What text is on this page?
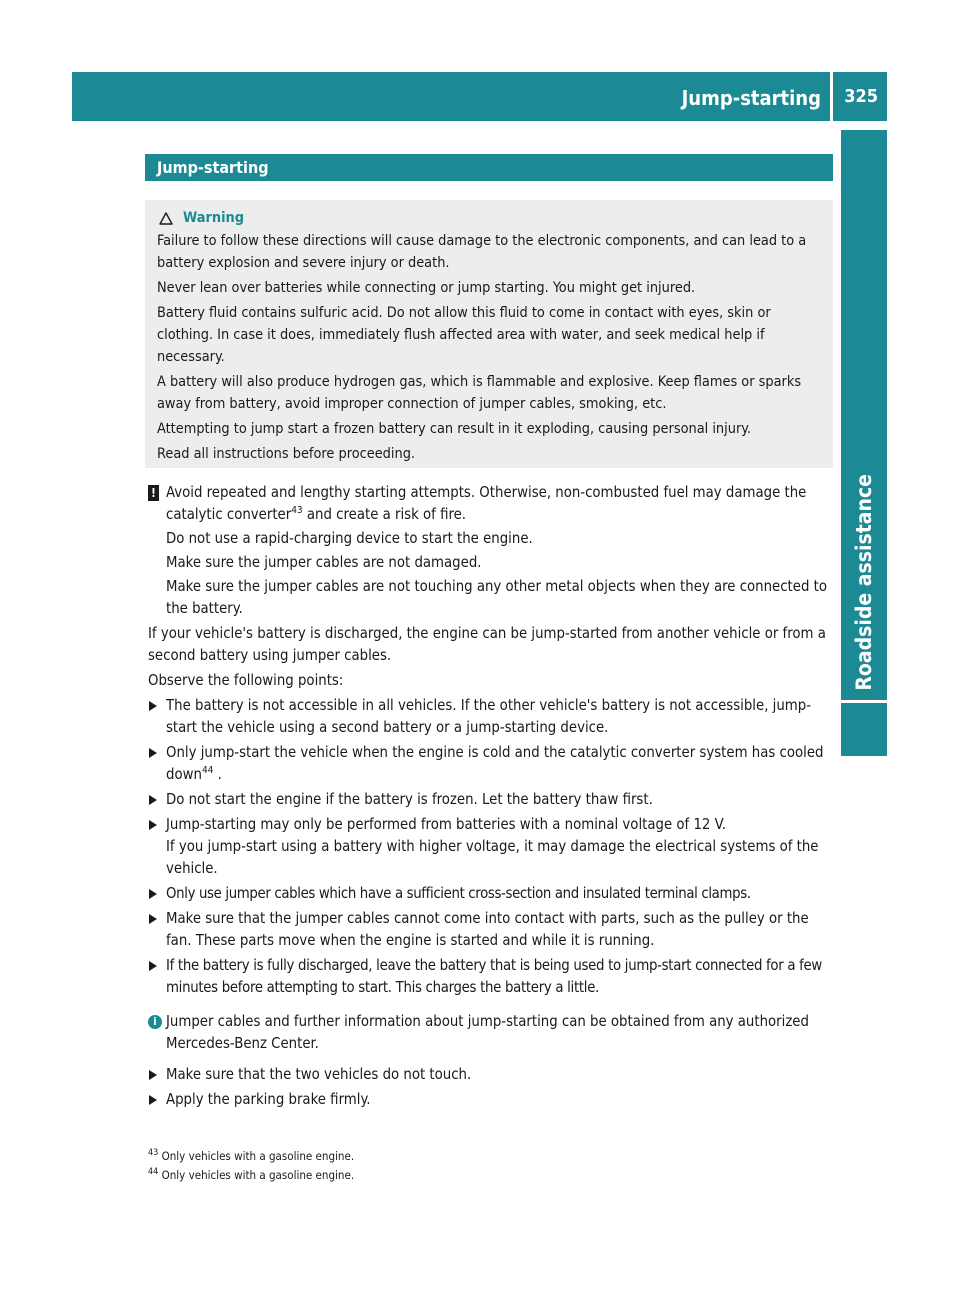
Jump-starting 325
Roadside assistance
Jump-starting
Warning

Failure to follow these directions will cause damage to the electronic components, and can lead to a battery explosion and severe injury or death.

Never lean over batteries while connecting or jump starting. You might get injured.

Battery fluid contains sulfuric acid. Do not allow this fluid to come in contact with eyes, skin or clothing. In case it does, immediately flush affected area with water, and seek medical help if necessary.

A battery will also produce hydrogen gas, which is flammable and explosive. Keep flames or sparks away from battery, avoid improper connection of jumper cables, smoking, etc.

Attempting to jump start a frozen battery can result in it exploding, causing personal injury.

Read all instructions before proceeding.

! Avoid repeated and lengthy starting attempts. Otherwise, non-combusted fuel may damage the catalytic converter$^{43}$ and create a risk of fire.

Do not use a rapid-charging device to start the engine.

Make sure the jumper cables are not damaged.

Make sure the jumper cables are not touching any other metal objects when they are connected to the battery.

If your vehicle's battery is discharged, the engine can be jump-started from another vehicle or from a second battery using jumper cables.

Observe the following points:

The battery is not accessible in all vehicles. If the other vehicle's battery is not accessible, jump-start the vehicle using a second battery or a jump-starting device.

Only jump-start the vehicle when the engine is cold and the catalytic converter system has cooled down$^{44}$ .

Do not start the engine if the battery is frozen. Let the battery thaw first.

Jump-starting may only be performed from batteries with a nominal voltage of 12 V.

If you jump-start using a battery with higher voltage, it may damage the electrical systems of the vehicle.

Only use jumper cables which have a sufficient cross-section and insulated terminal clamps.

Make sure that the jumper cables cannot come into contact with parts, such as the pulley or the fan. These parts move when the engine is started and while it is running.

If the battery is fully discharged, leave the battery that is being used to jump-start connected for a few minutes before attempting to start. This charges the battery a little.

i Jumper cables and further information about jump-starting can be obtained from any authorized Mercedes-Benz Center.

Make sure that the two vehicles do not touch.

Apply the parking brake firmly.

$^{43}$ Only vehicles with a gasoline engine.

$^{44}$ Only vehicles with a gasoline engine.
